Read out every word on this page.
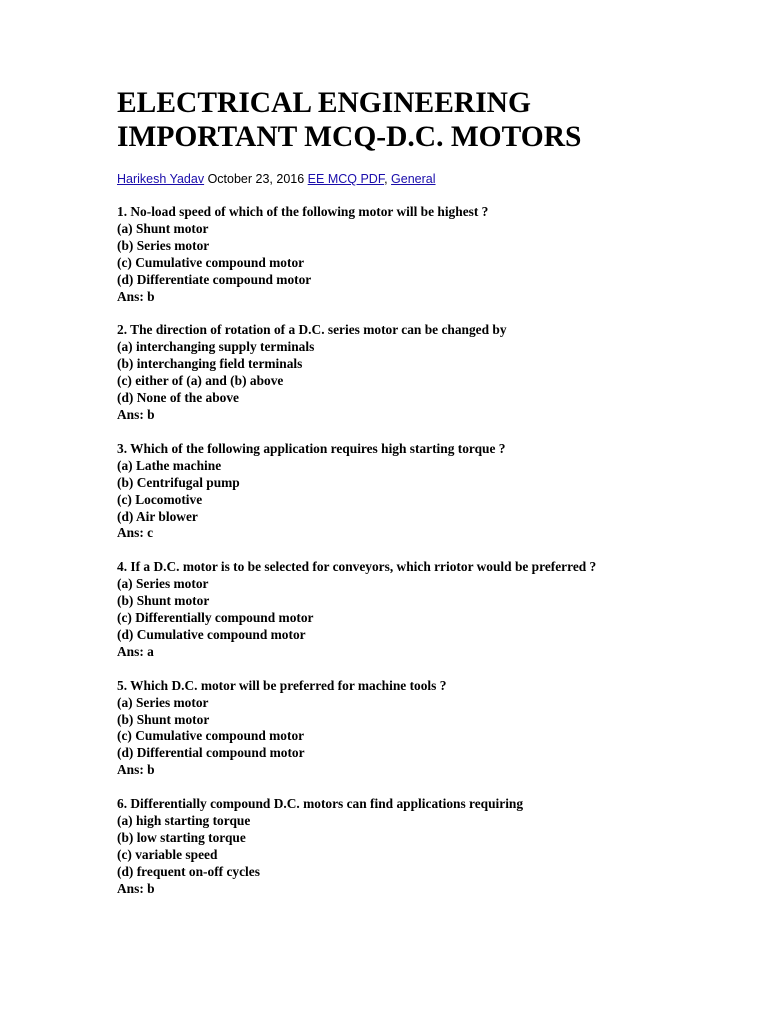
ELECTRICAL ENGINEERING
IMPORTANT MCQ-D.C. MOTORS
Harikesh Yadav October 23, 2016 EE MCQ PDF, General
1. No-load speed of which of the following motor will be highest ?
(a) Shunt motor
(b) Series motor
(c) Cumulative compound motor
(d) Differentiate compound motor
Ans: b
2. The direction of rotation of a D.C. series motor can be changed by
(a) interchanging supply terminals
(b) interchanging field terminals
(c) either of (a) and (b) above
(d) None of the above
Ans: b
3. Which of the following application requires high starting torque ?
(a) Lathe machine
(b) Centrifugal pump
(c) Locomotive
(d) Air blower
Ans: c
4. If a D.C. motor is to be selected for conveyors, which rriotor would be preferred ?
(a) Series motor
(b) Shunt motor
(c) Differentially compound motor
(d) Cumulative compound motor
Ans: a
5. Which D.C. motor will be preferred for machine tools ?
(a) Series motor
(b) Shunt motor
(c) Cumulative compound motor
(d) Differential compound motor
Ans: b
6. Differentially compound D.C. motors can find applications requiring
(a) high starting torque
(b) low starting torque
(c) variable speed
(d) frequent on-off cycles
Ans: b
